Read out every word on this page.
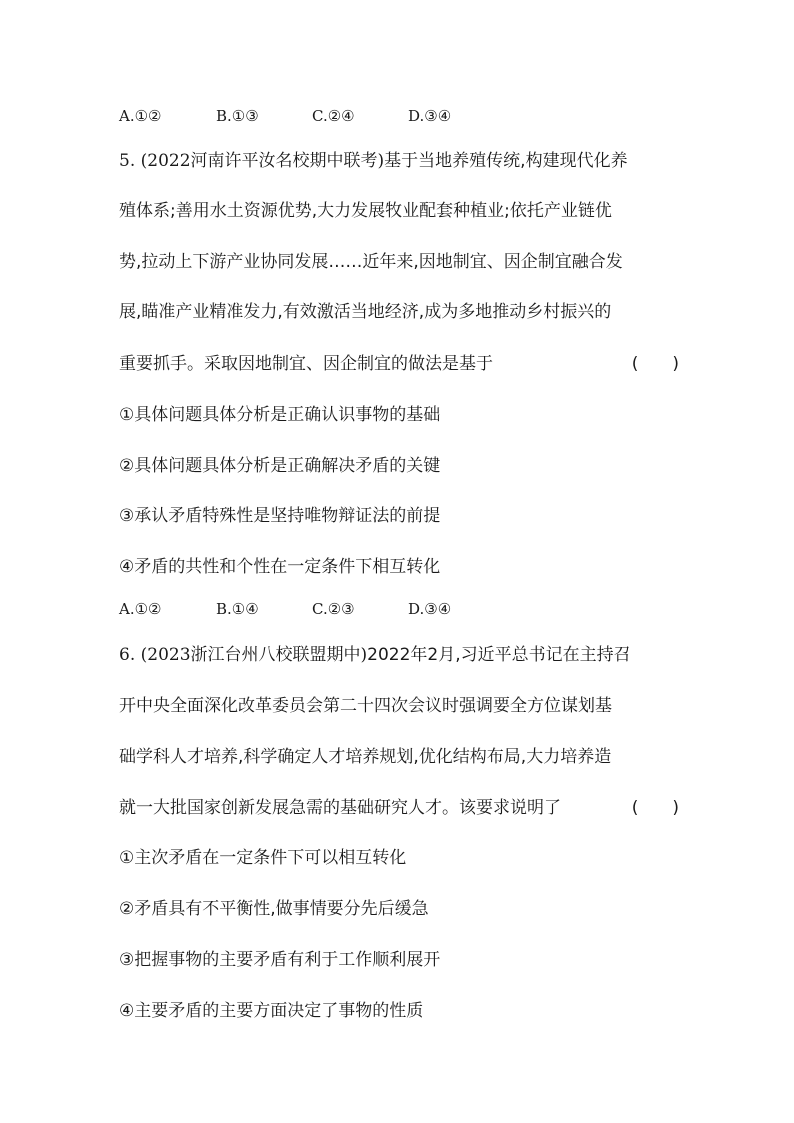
A.①②	B.①③	C.②④	D.③④
5. (2022河南许平汝名校期中联考)基于当地养殖传统,构建现代化养
殖体系;善用水土资源优势,大力发展牧业配套种植业;依托产业链优
势,拉动上下游产业协同发展……近年来,因地制宜、因企制宜融合发
展,瞄准产业精准发力,有效激活当地经济,成为多地推动乡村振兴的
重要抓手。采取因地制宜、因企制宜的做法是基于	(　　)
①具体问题具体分析是正确认识事物的基础
②具体问题具体分析是正确解决矛盾的关键
③承认矛盾特殊性是坚持唯物辩证法的前提
④矛盾的共性和个性在一定条件下相互转化
A.①②	B.①④	C.②③	D.③④
6. (2023浙江台州八校联盟期中)2022年2月,习近平总书记在主持召
开中央全面深化改革委员会第二十四次会议时强调要全方位谋划基
础学科人才培养,科学确定人才培养规划,优化结构布局,大力培养造
就一大批国家创新发展急需的基础研究人才。该要求说明了	(　　)
①主次矛盾在一定条件下可以相互转化
②矛盾具有不平衡性,做事情要分先后缓急
③把握事物的主要矛盾有利于工作顺利展开
④主要矛盾的主要方面决定了事物的性质
